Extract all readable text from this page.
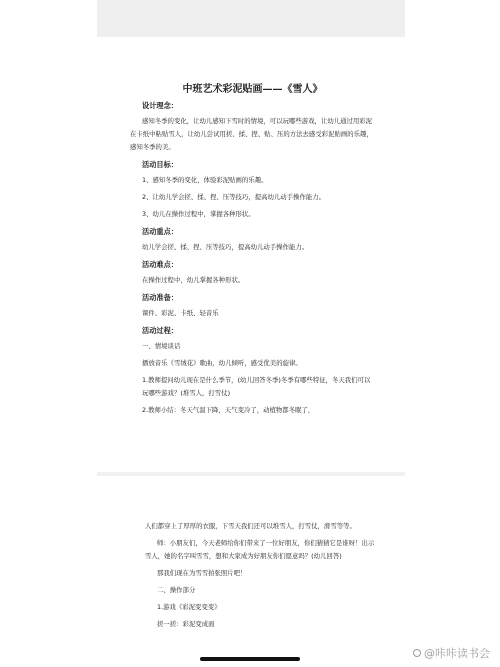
中班艺术彩泥贴画——《雪人》
设计理念：
感知冬季的变化，让幼儿感知下雪时的情境，可以玩哪些游戏，让幼儿通过用彩泥在卡纸中粘贴雪人，让幼儿尝试用搓、揉、捏、贴、压的方法去感受彩泥贴画的乐趣，感知冬季的美。
活动目标：
1、感知冬季的变化，体验彩泥贴画的乐趣。
2、让幼儿学会搓、揉、捏、压等技巧，提高幼儿动手操作能力。
3、幼儿在操作过程中，掌握各种形状。
活动重点：
幼儿学会搓、揉、捏、压等技巧，提高幼儿动手操作能力。
活动难点：
在操作过程中，幼儿掌握各种形状。
活动准备：
课件、彩泥、卡纸、轻音乐
活动过程：
一、情境谈话
播放音乐《雪绒花》歌曲，幼儿倾听，感受优美的旋律。
1.教师提问幼儿现在是什么季节，(幼儿回答冬季)冬季有哪些特征，冬天我们可以玩哪些游戏？(堆雪人，打雪仗)
2.教师小结：冬天气温下降，天气变冷了，动植物都冬眠了，
人们都穿上了厚厚的衣服，下雪天我们还可以堆雪人，打雪仗，滑雪等等。
师：小朋友们，今天老师给你们带来了一位好朋友，你们猜猜它是谁呀！出示雪人，她的名字叫雪雪，想和大家成为好朋友你们愿意吗？(幼儿回答)
那我们现在为雪雪拍张照片吧！
二、操作部分
1.游戏《彩泥变变变》
搓一搓：彩泥变成面
@咔咔读书会
